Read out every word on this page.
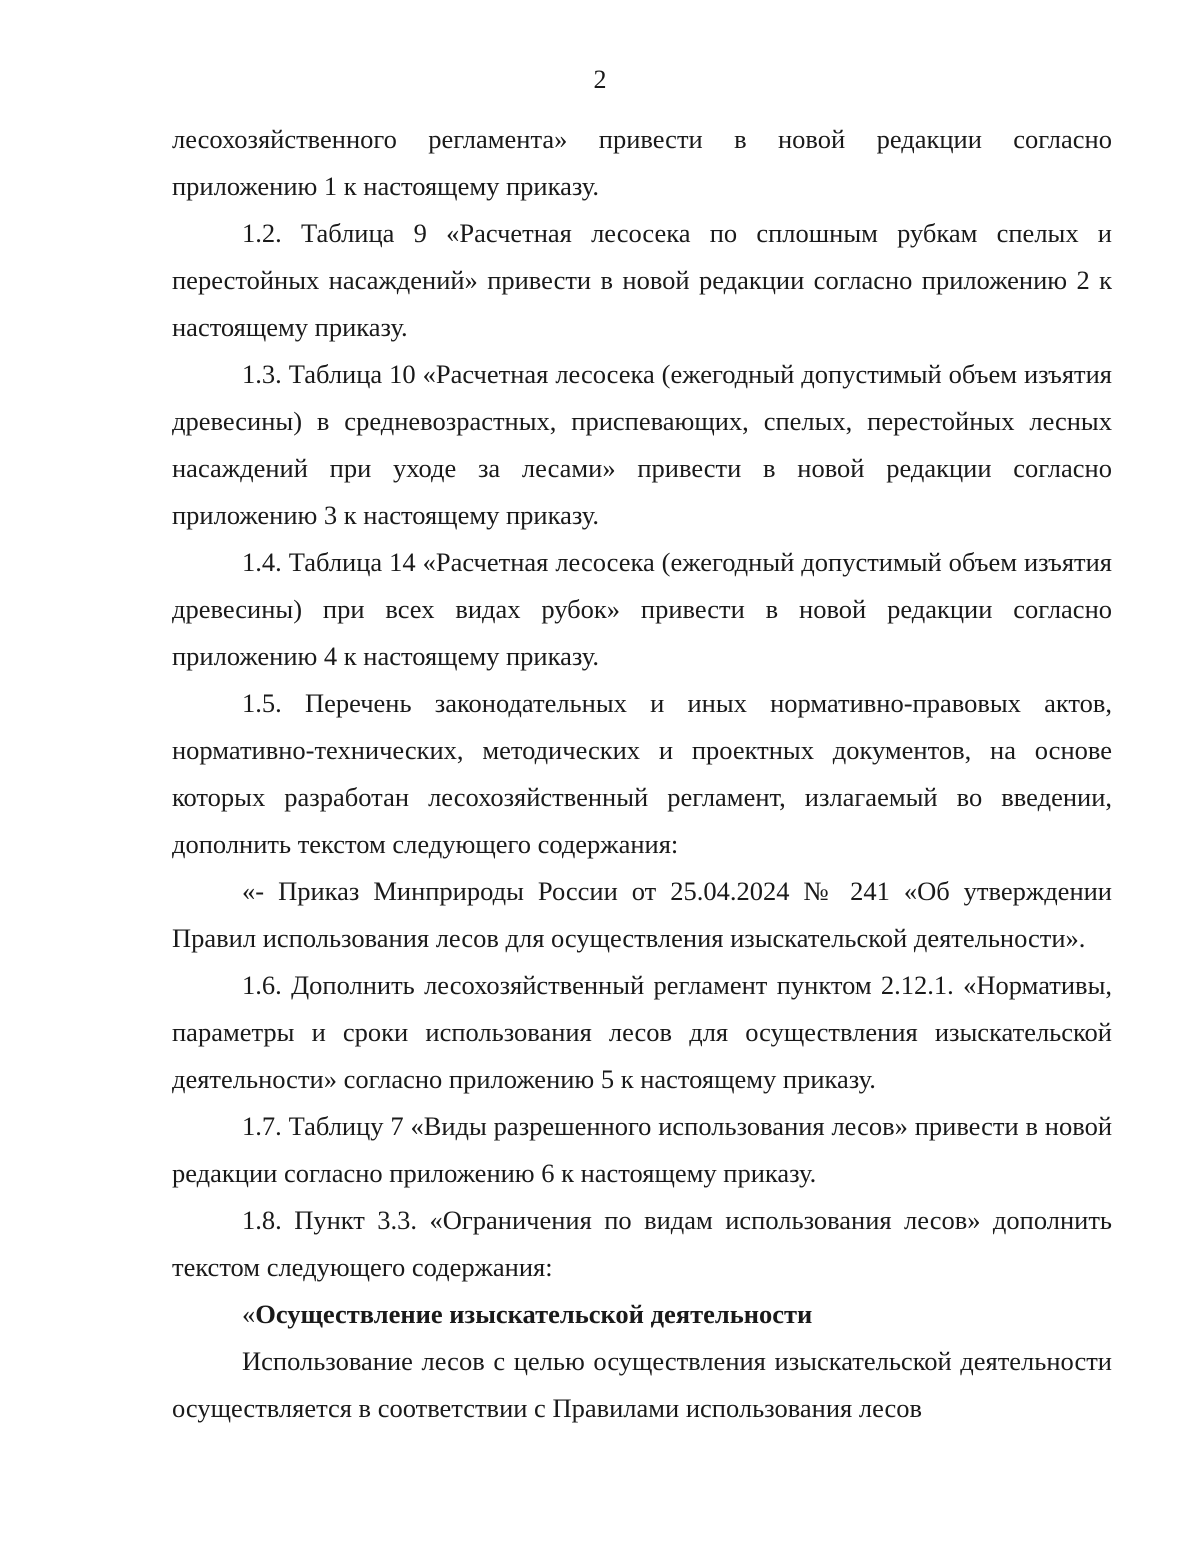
2

лесохозяйственного регламента» привести в новой редакции согласно приложению 1 к настоящему приказу.

1.2. Таблица 9 «Расчетная лесосека по сплошным рубкам спелых и перестойных насаждений» привести в новой редакции согласно приложению 2 к настоящему приказу.

1.3. Таблица 10 «Расчетная лесосека (ежегодный допустимый объем изъятия древесины) в средневозрастных, приспевающих, спелых, перестойных лесных насаждений при уходе за лесами» привести в новой редакции согласно приложению 3 к настоящему приказу.

1.4. Таблица 14 «Расчетная лесосека (ежегодный допустимый объем изъятия древесины) при всех видах рубок» привести в новой редакции согласно приложению 4 к настоящему приказу.

1.5. Перечень законодательных и иных нормативно-правовых актов, нормативно-технических, методических и проектных документов, на основе которых разработан лесохозяйственный регламент, излагаемый во введении, дополнить текстом следующего содержания:

«- Приказ Минприроды России от 25.04.2024 № 241 «Об утверждении Правил использования лесов для осуществления изыскательской деятельности».

1.6. Дополнить лесохозяйственный регламент пунктом 2.12.1. «Нормативы, параметры и сроки использования лесов для осуществления изыскательской деятельности» согласно приложению 5 к настоящему приказу.

1.7. Таблицу 7 «Виды разрешенного использования лесов» привести в новой редакции согласно приложению 6 к настоящему приказу.

1.8. Пункт 3.3. «Ограничения по видам использования лесов» дополнить текстом следующего содержания:

«Осуществление изыскательской деятельности

Использование лесов с целью осуществления изыскательской деятельности осуществляется в соответствии с Правилами использования лесов
